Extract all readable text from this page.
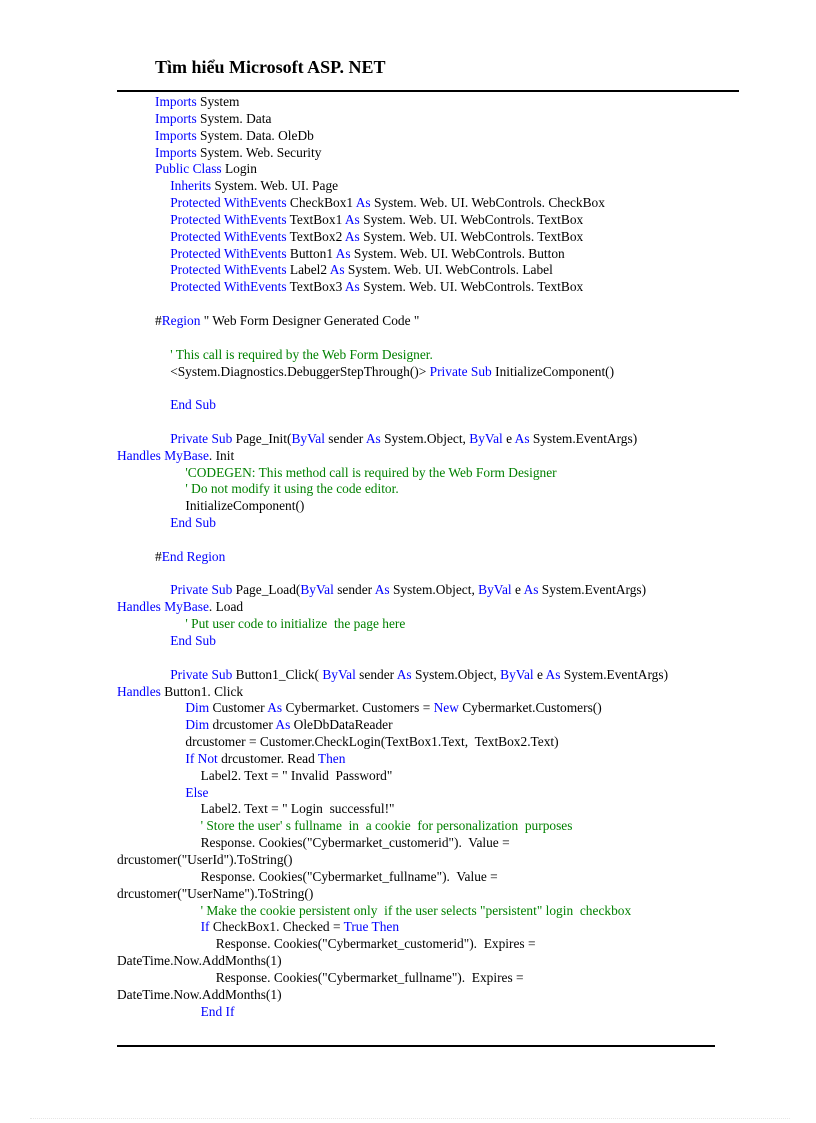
Tìm hiểu Microsoft ASP. NET
Imports System
Imports System. Data
Imports System. Data. OleDb
Imports System. Web. Security
Public Class Login
Inherits System. Web. UI. Page
Protected WithEvents CheckBox1 As System. Web. UI. WebControls. CheckBox
Protected WithEvents TextBox1 As System. Web. UI. WebControls. TextBox
Protected WithEvents TextBox2 As System. Web. UI. WebControls. TextBox
Protected WithEvents Button1 As System. Web. UI. WebControls. Button
Protected WithEvents Label2 As System. Web. UI. WebControls. Label
Protected WithEvents TextBox3 As System. Web. UI. WebControls. TextBox

#Region " Web Form Designer Generated Code "

' This call is required by the Web Form Designer.
<System.Diagnostics.DebuggerStepThrough()> Private Sub InitializeComponent()

End Sub

Private Sub Page_Init(ByVal sender As System.Object, ByVal e As System.EventArgs)
Handles MyBase. Init
'CODEGEN: This method call is required by the Web Form Designer
' Do not modify it using the code editor.
InitializeComponent()
End Sub

#End Region

Private Sub Page_Load(ByVal sender As System.Object, ByVal e As System.EventArgs)
Handles MyBase. Load
' Put user code to initialize  the page here
End Sub

Private Sub Button1_Click( ByVal sender As System.Object, ByVal e As System.EventArgs)
Handles Button1. Click
Dim Customer As Cybermarket. Customers = New Cybermarket.Customers()
Dim drcustomer As OleDbDataReader
drcustomer = Customer.CheckLogin(TextBox1.Text,  TextBox2.Text)
If Not drcustomer. Read Then
Label2. Text = " Invalid  Password"
Else
Label2. Text = " Login  successful!"
' Store the user' s fullname  in  a cookie  for personalization  purposes
Response. Cookies("Cybermarket_customerid").  Value =
drcustomer("UserId").ToString()
Response. Cookies("Cybermarket_fullname").  Value =
drcustomer("UserName").ToString()
' Make the cookie persistent only  if the user selects "persistent" login  checkbox
If CheckBox1. Checked = True Then
Response. Cookies("Cybermarket_customerid").  Expires =
DateTime.Now.AddMonths(1)
Response. Cookies("Cybermarket_fullname").  Expires =
DateTime.Now.AddMonths(1)
End If
